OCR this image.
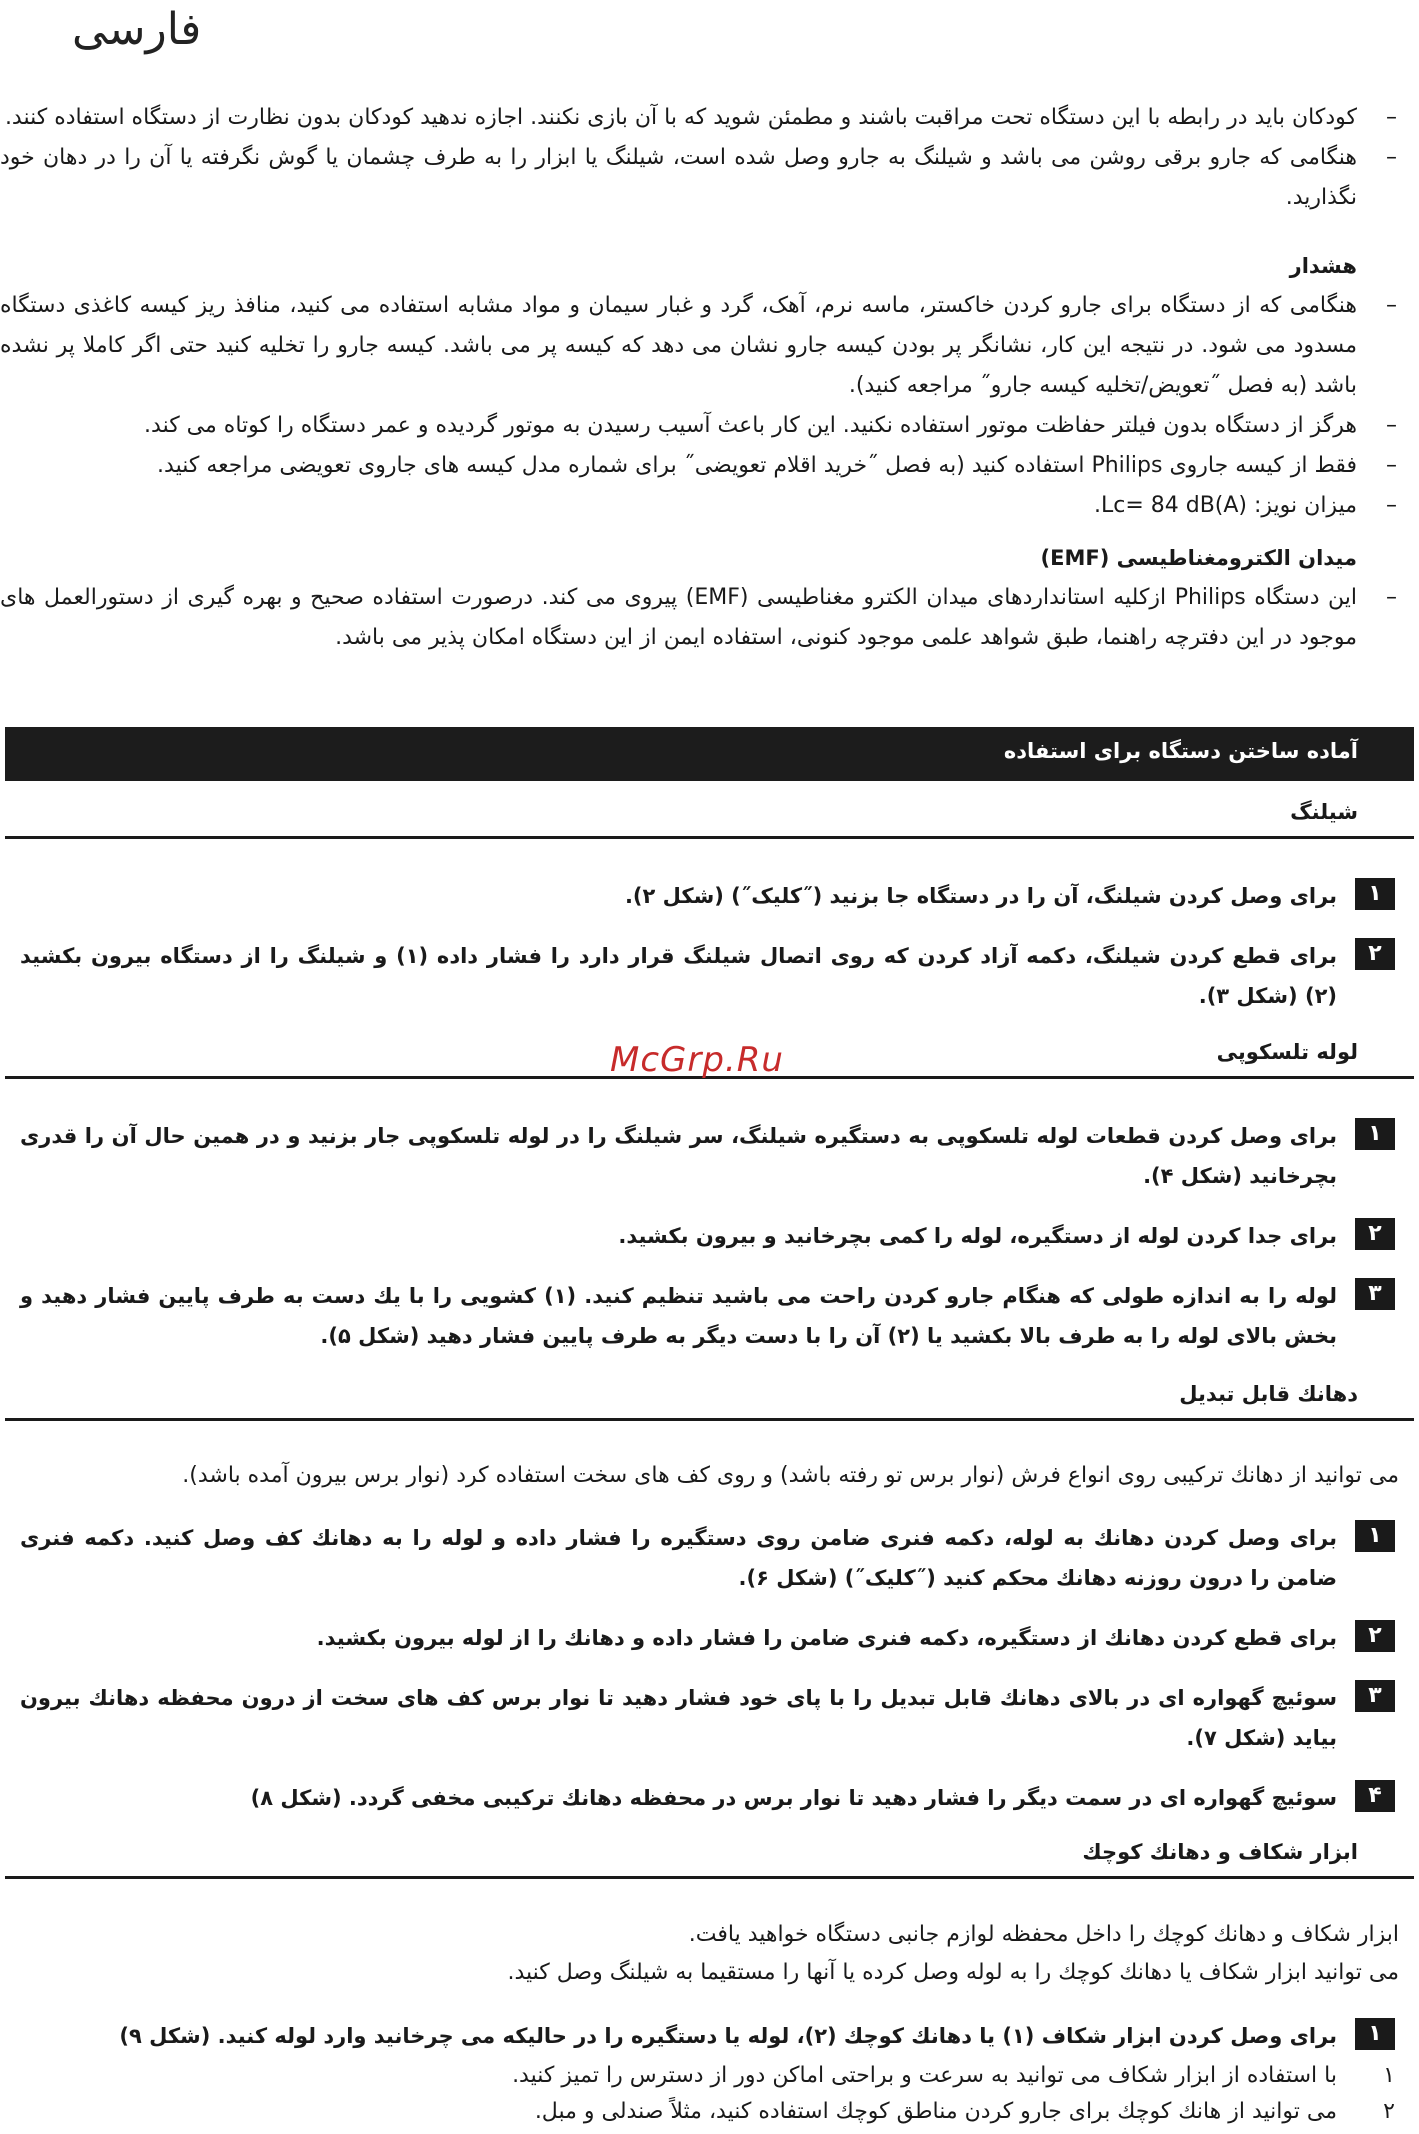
فارسی
–
کودکان باید در رابطه با این دستگاه تحت مراقبت باشند و مطمئن شوید که با آن بازی نکنند. اجازه ندهید کودکان بدون نظارت از دستگاه استفاده کنند.
–
هنگامی که جارو برقی روشن می باشد و شیلنگ به جارو وصل شده است، شیلنگ یا ابزار را به طرف چشمان یا گوش نگرفته یا آن را در دهان خود نگذارید.
هشدار
–
هنگامی که از دستگاه برای جارو کردن خاکستر، ماسه نرم، آهک، گرد و غبار سیمان و مواد مشابه استفاده می کنید، منافذ ریز کیسه کاغذی دستگاه مسدود می شود. در نتیجه این کار، نشانگر پر بودن کیسه جارو نشان می دهد که کیسه پر می باشد. کیسه جارو را تخلیه کنید حتی اگر کاملا پر نشده باشد (به فصل ˝تعویض/تخلیه کیسه جارو˝ مراجعه کنید).
–
هرگز از دستگاه بدون فیلتر حفاظت موتور استفاده نکنید. این کار باعث آسیب رسیدن به موتور گردیده و عمر دستگاه را کوتاه می کند.
–
فقط از کیسه جاروی Philips استفاده کنید (به فصل ˝خرید اقلام تعویضی˝ برای شماره مدل کیسه های جاروی تعویضی مراجعه کنید.
–
میزان نویز: Lc= 84 dB(A).
میدان الکترومغناطیسی (EMF)
–
این دستگاه Philips ازکلیه استانداردهای میدان الکترو مغناطیسی (EMF) پیروی می کند. درصورت استفاده صحیح و بهره گیری از دستورالعمل های موجود در این دفترچه راهنما، طبق شواهد علمی موجود کنونی، استفاده ایمن از این دستگاه امکان پذیر می باشد.
آماده ساختن دستگاه برای استفاده
شیلنگ
۱
برای وصل کردن شیلنگ، آن را در دستگاه جا بزنید (˝کلیک˝) (شکل ۲).
۲
برای قطع کردن شیلنگ، دکمه آزاد کردن که روی اتصال شیلنگ قرار دارد را فشار داده (۱) و شیلنگ را از دستگاه بیرون بکشید (۲) (شکل ۳).
لوله تلسکوپی
۱
برای وصل کردن قطعات لوله تلسکوپی به دستگیره شیلنگ، سر شیلنگ را در لوله تلسکوپی جار بزنید و در همین حال آن را قدری بچرخانید (شکل ۴).
۲
برای جدا کردن لوله از دستگیره، لوله را کمی بچرخانید و بیرون بکشید.
۳
لوله را به اندازه طولی که هنگام جارو کردن راحت می باشید تنظیم کنید. (۱) کشویی را با یك دست به طرف پایین فشار دهید و بخش بالای لوله را به طرف بالا بکشید یا (۲) آن را با دست دیگر به طرف پایین فشار دهید (شکل ۵).
دهانك قابل تبدیل
می توانید از دهانك ترکیبی روی انواع فرش (نوار برس تو رفته باشد) و روی کف های سخت استفاده کرد (نوار برس بیرون آمده باشد).
۱
برای وصل کردن دهانك به لوله، دکمه فنری ضامن روی دستگیره را فشار داده و لوله را به دهانك کف وصل کنید. دکمه فنری ضامن را درون روزنه دهانك محکم کنید (˝کلیک˝) (شکل ۶).
۲
برای قطع کردن دهانك از دستگیره، دکمه فنری ضامن را فشار داده و دهانك را از لوله بیرون بکشید.
۳
سوئیچ گهواره ای در بالای دهانك قابل تبدیل را با پای خود فشار دهید تا نوار برس کف های سخت از درون محفظه دهانك بیرون بیاید (شکل ۷).
۴
سوئیچ گهواره ای در سمت دیگر را فشار دهید تا نوار برس در محفظه دهانك ترکیبی مخفی گردد. (شکل ۸)
ابزار شکاف و دهانك کوچك
ابزار شکاف و دهانك کوچك را داخل محفظه لوازم جانبی دستگاه خواهید یافت.
می توانید ابزار شکاف یا دهانك کوچك را به لوله وصل کرده یا آنها را مستقیما به شیلنگ وصل کنید.
۱
برای وصل کردن ابزار شکاف (۱) یا دهانك کوچك (۲)، لوله یا دستگیره را در حالیکه می چرخانید وارد لوله کنید. (شکل ۹)
۱
با استفاده از ابزار شکاف می توانید به سرعت و براحتی اماکن دور از دسترس را تمیز کنید.
۲
می توانید از هانك کوچك برای جارو کردن مناطق کوچك استفاده کنید، مثلاً صندلی و مبل.
McGrp.Ru
